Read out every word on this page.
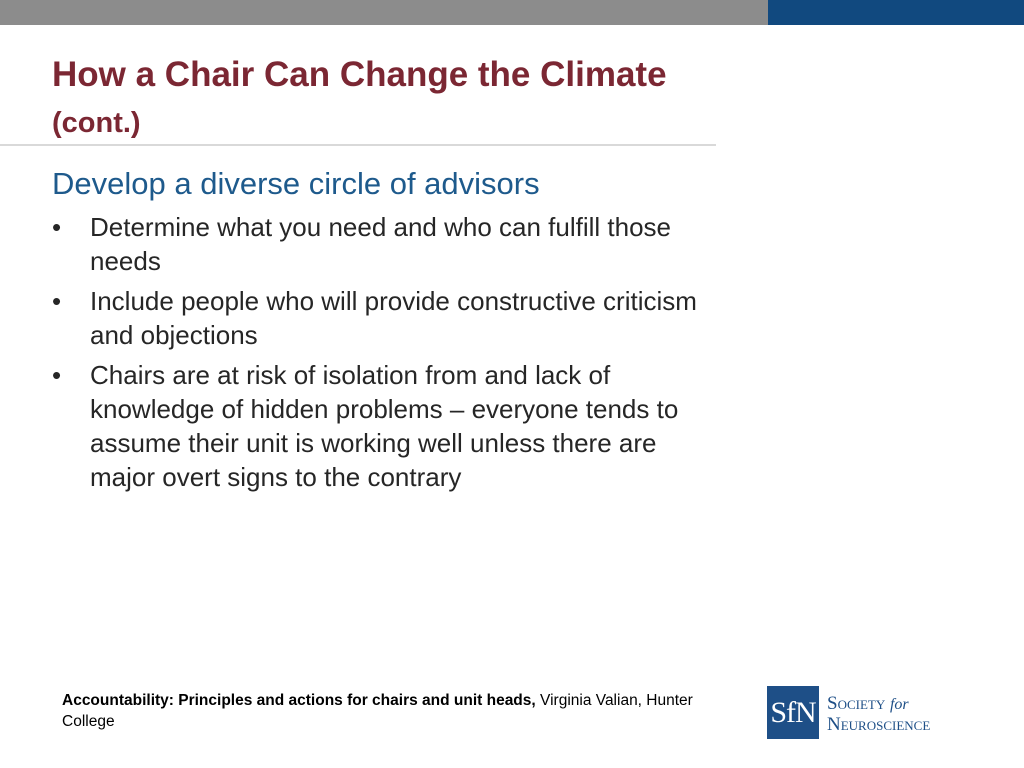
How a Chair Can Change the Climate (cont.)
Develop a diverse circle of advisors
•	Determine what you need and who can fulfill those needs
•	Include people who will provide constructive criticism and objections
•	Chairs are at risk of isolation from and lack of knowledge of hidden problems – everyone tends to assume their unit is working well unless there are major overt signs to the contrary

Accountability: Principles and actions for chairs and unit heads, Virginia Valian, Hunter College	SfN Society for
Neuroscience
